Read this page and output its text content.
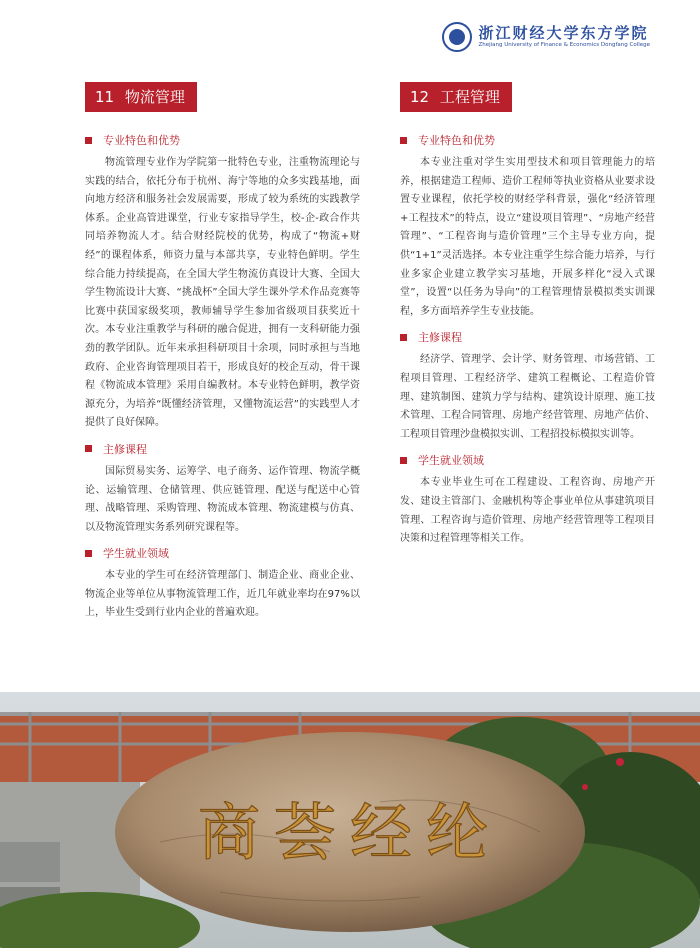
浙江财经大学东方学院
Zhejiang University of Finance & Economics Dongfang College
11 物流管理
专业特色和优势

物流管理专业作为学院第一批特色专业，注重物流理论与实践的结合，依托分布于杭州、海宁等地的众多实践基地，面向地方经济和服务社会发展需要，形成了较为系统的实践教学体系。企业高管进课堂，行业专家指导学生，校-企-政合作共同培养物流人才。结合财经院校的优势，构成了“物流+财经”的课程体系，师资力量与本部共享，专业特色鲜明。学生综合能力持续提高，在全国大学生物流仿真设计大赛、全国大学生物流设计大赛、“挑战杯”全国大学生课外学术作品竞赛等比赛中获国家级奖项，教师辅导学生参加省级项目获奖近十次。本专业注重教学与科研的融合促进，拥有一支科研能力强劲的教学团队。近年来承担科研项目十余项，同时承担与当地政府、企业咨询管理项目若干，形成良好的校企互动，骨干课程《物流成本管理》采用自编教材。本专业特色鲜明，教学资源充分，为培养“既懂经济管理，又懂物流运营”的实践型人才提供了良好保障。

主修课程

国际贸易实务、运筹学、电子商务、运作管理、物流学概论、运输管理、仓储管理、供应链管理、配送与配送中心管理、战略管理、采购管理、物流成本管理、物流建模与仿真、以及物流管理实务系列研究课程等。

学生就业领域

本专业的学生可在经济管理部门、制造企业、商业企业、物流企业等单位从事物流管理工作，近几年就业率均在97%以上，毕业生受到行业内企业的普遍欢迎。

12 工程管理
专业特色和优势

本专业注重对学生实用型技术和项目管理能力的培养，根据建造工程师、造价工程师等执业资格从业要求设置专业课程，依托学校的财经学科背景，强化“经济管理+工程技术”的特点，设立“建设项目管理”、“房地产经营管理”、“工程咨询与造价管理”三个主导专业方向，提供“1+1”灵活选择。本专业注重学生综合能力培养，与行业多家企业建立教学实习基地，开展多样化“浸入式课堂”，设置“以任务为导向”的工程管理情景模拟类实训课程，多方面培养学生专业技能。

主修课程

经济学、管理学、会计学、财务管理、市场营销、工程项目管理、工程经济学、建筑工程概论、工程造价管理、建筑制图、建筑力学与结构、建筑设计原理、施工技术管理、工程合同管理、房地产经营管理、房地产估价、工程项目管理沙盘模拟实训、工程招投标模拟实训等。

学生就业领域

本专业毕业生可在工程建设、工程咨询、房地产开发、建设主管部门、金融机构等企事业单位从事建筑项目管理、工程咨询与造价管理、房地产经营管理等工程项目决策和过程管理等相关工作。

商荟经纶
